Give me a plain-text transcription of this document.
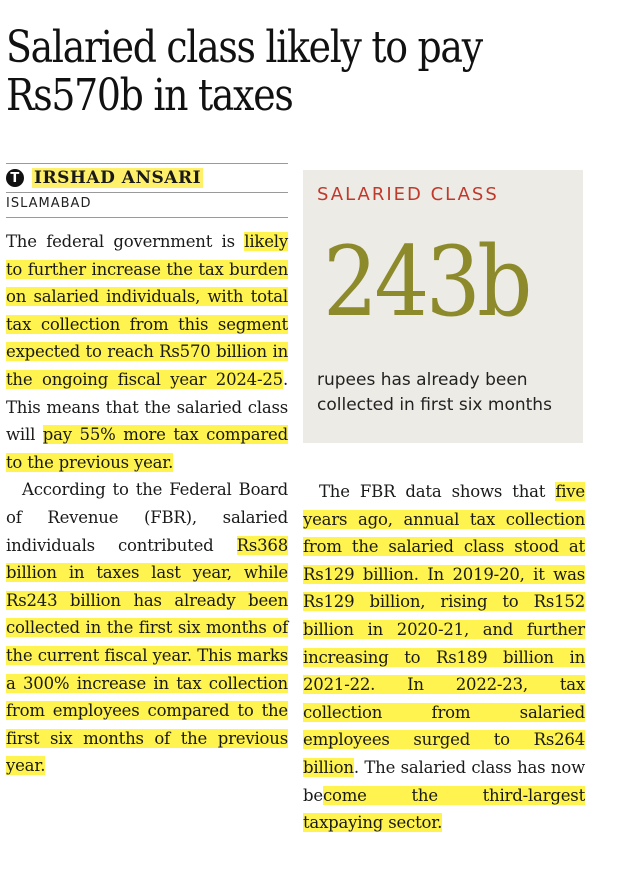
Salaried class likely to pay Rs570b in taxes
T IRSHAD ANSARI
ISLAMABAD

The federal government is likely to further increase the tax burden on salaried individuals, with total tax collection from this segment expected to reach Rs570 billion in the ongoing fiscal year 2024-25. This means that the salaried class will pay 55% more tax compared to the previous year.

According to the Federal Board of Revenue (FBR), salaried individuals contributed Rs368 billion in taxes last year, while Rs243 billion has already been collected in the first six months of the current fiscal year. This marks a 300% increase in tax collection from employees compared to the first six months of the previous year.

SALARIED CLASS
243b
rupees has already been collected in first six months

The FBR data shows that five years ago, annual tax collection from the salaried class stood at Rs129 billion. In 2019-20, it was Rs129 billion, rising to Rs152 billion in 2020-21, and further increasing to Rs189 billion in 2021-22. In 2022-23, tax collection from salaried employees surged to Rs264 billion. The salaried class has now become the third-largest taxpaying sector.
